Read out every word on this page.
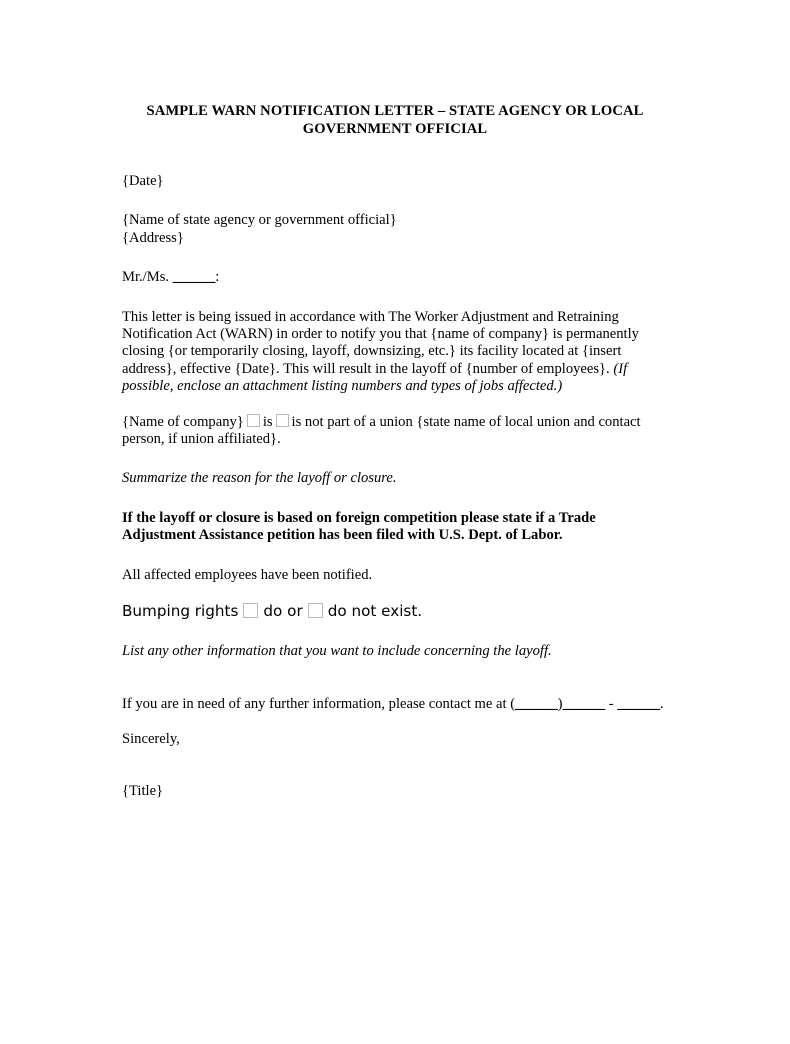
SAMPLE WARN NOTIFICATION LETTER – STATE AGENCY OR LOCAL
GOVERNMENT OFFICIAL

{Date}

{Name of state agency or government official}

{Address}

Mr./Ms. ______:

This letter is being issued in accordance with The Worker Adjustment and Retraining Notification Act (WARN) in order to notify you that {name of company} is permanently closing {or temporarily closing, layoff, downsizing, etc.} its facility located at {insert address}, effective {Date}. This will result in the layoff of {number of employees}. (If possible, enclose an attachment listing numbers and types of jobs affected.)

{Name of company} is is not part of a union {state name of local union and contact person, if union affiliated}.

Summarize the reason for the layoff or closure.

If the layoff or closure is based on foreign competition please state if a Trade Adjustment Assistance petition has been filed with U.S. Dept. of Labor.

All affected employees have been notified.

Bumping rights do or do not exist.

List any other information that you want to include concerning the layoff.

If you are in need of any further information, please contact me at (______)______ - ______.

Sincerely,

{Title}
